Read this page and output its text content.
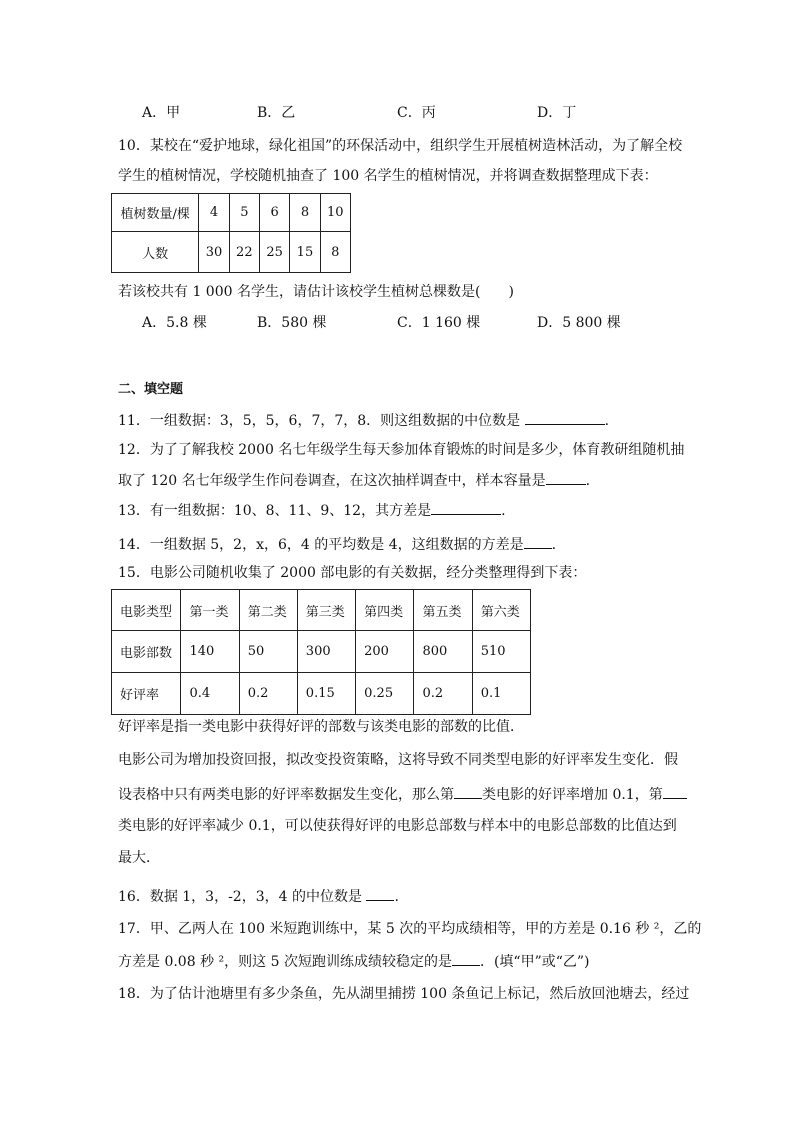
A．甲	B．乙	C．丙	D．丁
10．某校在“爱护地球，绿化祖国”的环保活动中，组织学生开展植树造林活动，为了解全校
学生的植树情况，学校随机抽查了 100 名学生的植树情况，并将调查数据整理成下表：
植树数量/棵	4	5	6	8	10
人数	30	22	25	15	8
若该校共有 1 000 名学生，请估计该校学生植树总棵数是(　　)
A．5.8 棵	B．580 棵	C．1 160 棵	D．5 800 棵
二、填空题
11．一组数据：3，5，5，6，7，7，8．则这组数据的中位数是	.
12．为了了解我校 2000 名七年级学生每天参加体育锻炼的时间是多少，体育教研组随机抽
取了 120 名七年级学生作问卷调查，在这次抽样调查中，样本容量是	.
13．有一组数据：10、8、11、9、12，其方差是	.
14．一组数据 5，2，x，6，4 的平均数是 4，这组数据的方差是 .
15．电影公司随机收集了 2000 部电影的有关数据，经分类整理得到下表：
电影类型	第一类	第二类	第三类	第四类	第五类	第六类
电影部数	140	50	300	200	800	510
好评率	0.4	0.2	0.15	0.25	0.2	0.1
好评率是指一类电影中获得好评的部数与该类电影的部数的比值．
电影公司为增加投资回报，拟改变投资策略，这将导致不同类型电影的好评率发生变化．假
设表格中只有两类电影的好评率数据发生变化，那么第 类电影的好评率增加 0.1，第
类电影的好评率减少 0.1，可以使获得好评的电影总部数与样本中的电影总部数的比值达到
最大．
16．数据 1，3，-2，3，4 的中位数是 .
17．甲、乙两人在 100 米短跑训练中，某 5 次的平均成绩相等，甲的方差是 0.16 秒 ²，乙的
方差是 0.08 秒 ²，则这 5 次短跑训练成绩较稳定的是 ．(填“甲”或“乙”)
18．为了估计池塘里有多少条鱼，先从湖里捕捞 100 条鱼记上标记，然后放回池塘去，经过
